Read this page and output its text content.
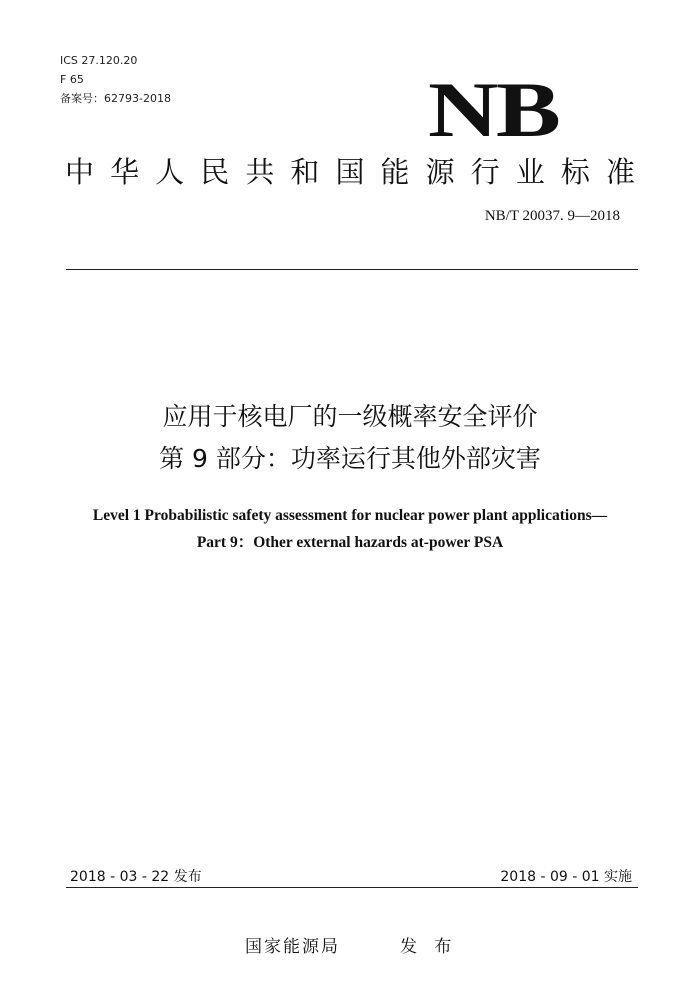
ICS 27.120.20
F 65
备案号：62793-2018	NB
中 华 人 民 共 和 国 能 源 行 业 标 准
NB/T 20037. 9—2018
应用于核电厂的一级概率安全评价
第 9 部分：功率运行其他外部灾害
Level 1 Probabilistic safety assessment for nuclear power plant applications—
Part 9：Other external hazards at-power PSA
2018 - 03 - 22 发布	2018 - 09 - 01 实施
国家能源局	发 布
